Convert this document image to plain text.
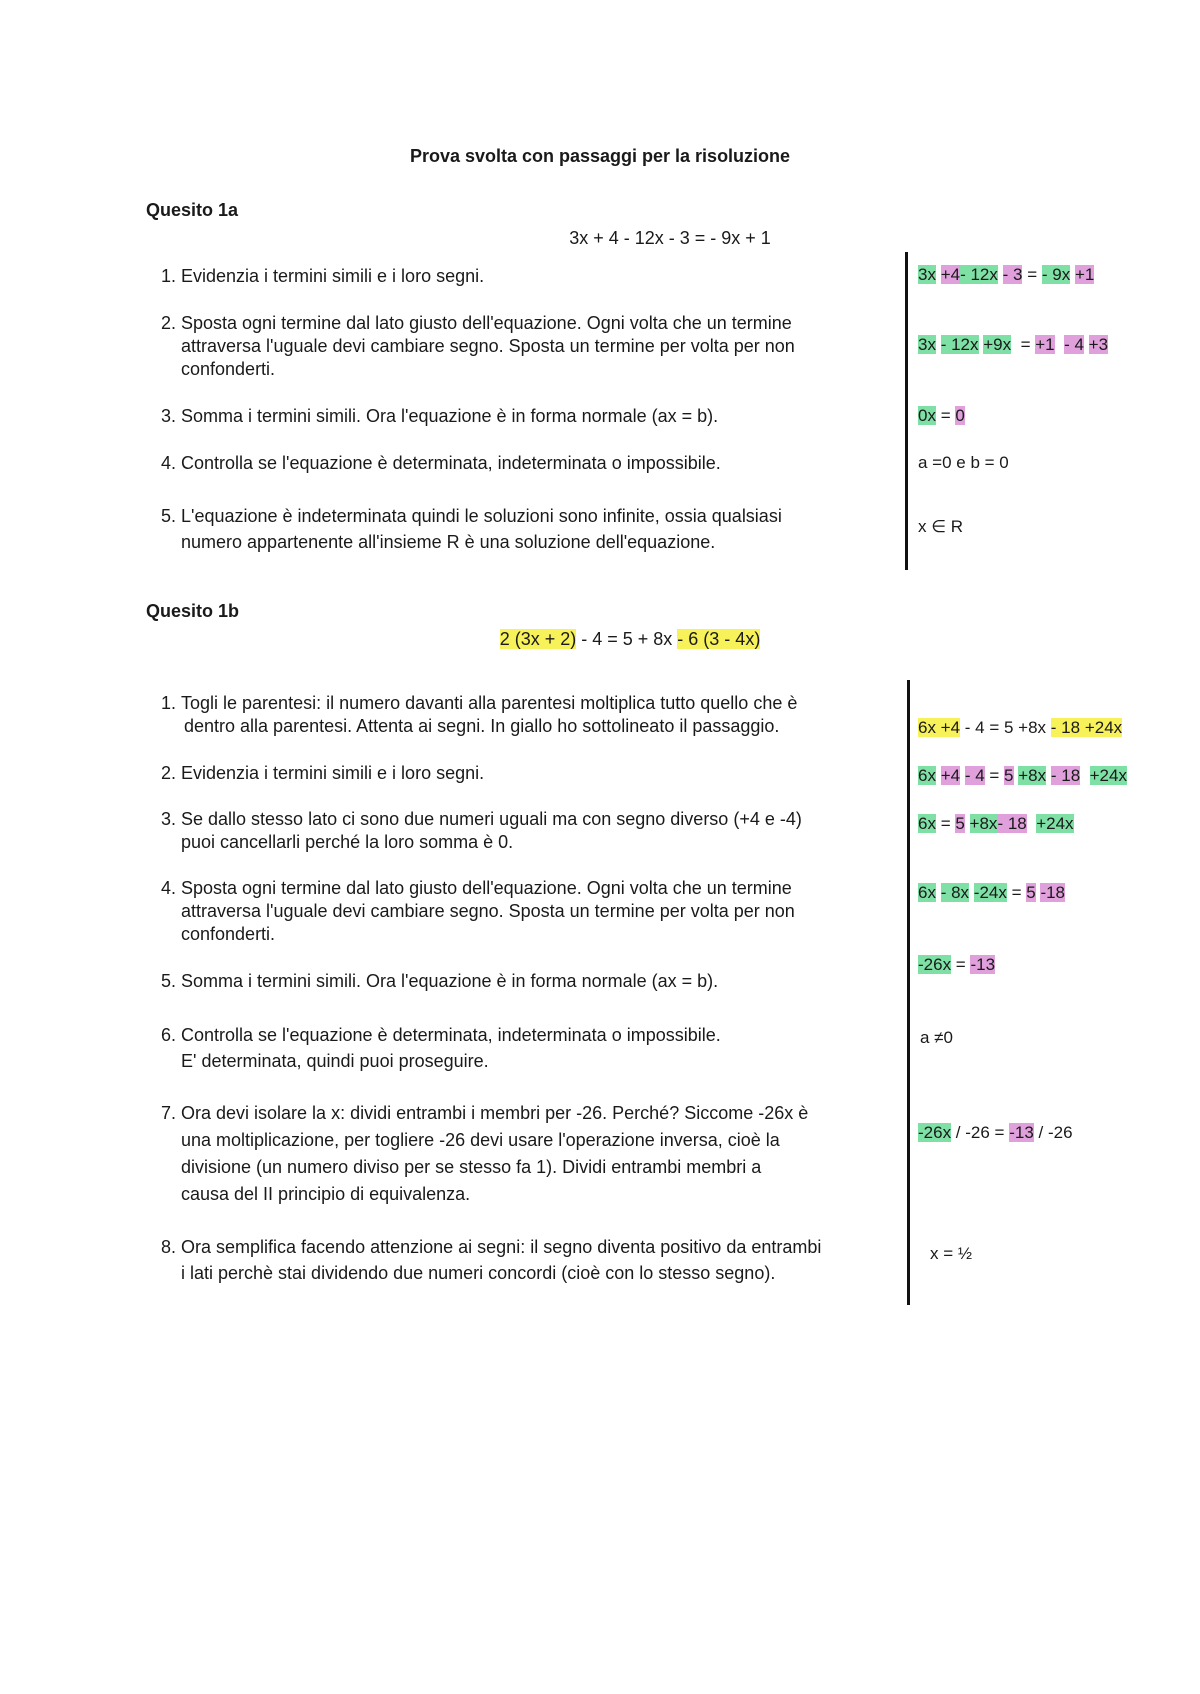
Prova svolta con passaggi per la risoluzione
Quesito 1a
3x + 4 - 12x - 3 = - 9x + 1
1. Evidenzia i termini simili e i loro segni.
2. Sposta ogni termine dal lato giusto dell'equazione. Ogni volta che un termine
attraversa l'uguale devi cambiare segno. Sposta un termine per volta per non
confonderti.
3. Somma i termini simili. Ora l'equazione è in forma normale (ax = b).
4. Controlla se l'equazione è determinata, indeterminata o impossibile.
5. L'equazione è indeterminata quindi le soluzioni sono infinite, ossia qualsiasi
numero appartenente all'insieme R è una soluzione dell'equazione.
3x +4- 12x - 3 = - 9x +1
3x - 12x +9x = +1 - 4 +3
0x = 0
a =0 e b = 0
x ∈ R
Quesito 1b
2 (3x + 2) - 4 = 5 + 8x - 6 (3 - 4x)
1. Togli le parentesi: il numero davanti alla parentesi moltiplica tutto quello che è
dentro alla parentesi. Attenta ai segni. In giallo ho sottolineato il passaggio.
2. Evidenzia i termini simili e i loro segni.
3. Se dallo stesso lato ci sono due numeri uguali ma con segno diverso (+4 e -4)
puoi cancellarli perché la loro somma è 0.
4. Sposta ogni termine dal lato giusto dell'equazione. Ogni volta che un termine
attraversa l'uguale devi cambiare segno. Sposta un termine per volta per non
confonderti.
5. Somma i termini simili. Ora l'equazione è in forma normale (ax = b).
6. Controlla se l'equazione è determinata, indeterminata o impossibile.
E' determinata, quindi puoi proseguire.
7. Ora devi isolare la x: dividi entrambi i membri per -26. Perché? Siccome -26x è
una moltiplicazione, per togliere -26 devi usare l'operazione inversa, cioè la
divisione (un numero diviso per se stesso fa 1). Dividi entrambi membri a
causa del II principio di equivalenza.
8. Ora semplifica facendo attenzione ai segni: il segno diventa positivo da entrambi
i lati perchè stai dividendo due numeri concordi (cioè con lo stesso segno).
6x +4 - 4 = 5 +8x - 18 +24x
6x +4 - 4 = 5 +8x - 18 +24x
6x = 5 +8x- 18 +24x
6x - 8x -24x = 5 -18
-26x = -13
a ≠0
-26x / -26 = -13 / -26
x = ½
